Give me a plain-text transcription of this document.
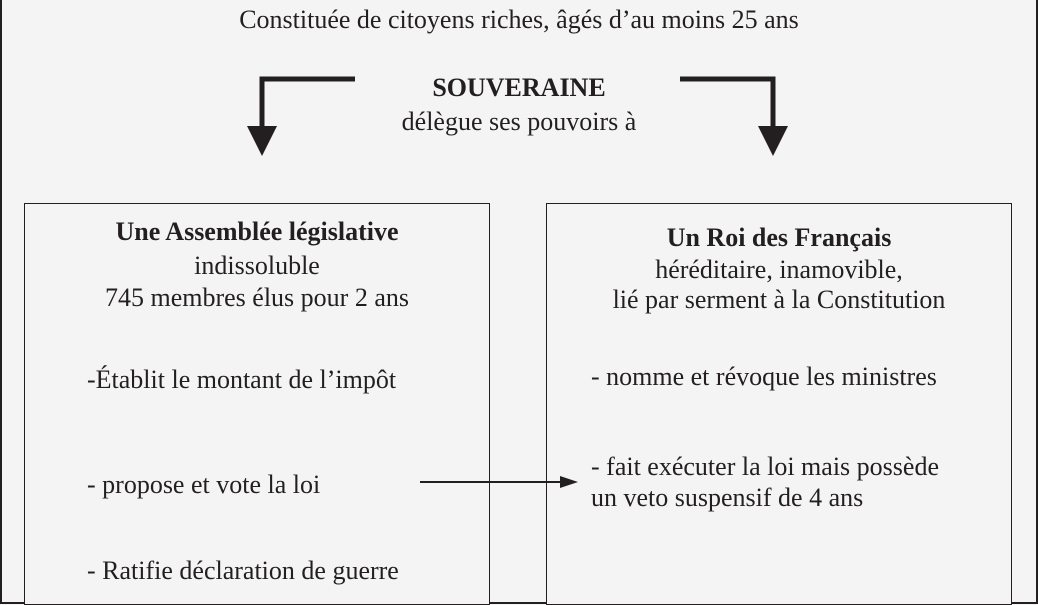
Constituée de citoyens riches, âgés d’au moins 25 ans
SOUVERAINE
délègue ses pouvoirs à
Une Assemblée législative
indissoluble
745 membres élus pour 2 ans
-Établit le montant de l’impôt
- propose et vote la loi
- Ratifie déclaration de guerre
Un Roi des Français
héréditaire, inamovible,
lié par serment à la Constitution
- nomme et révoque les ministres
- fait exécuter la loi mais possède
un veto suspensif de 4 ans
